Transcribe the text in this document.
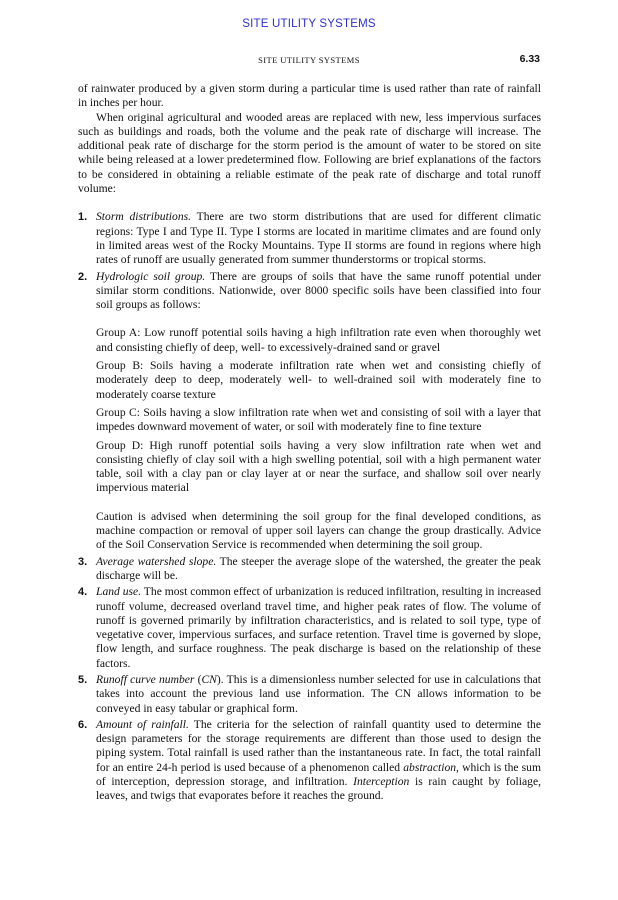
SITE UTILITY SYSTEMS
SITE UTILITY SYSTEMS	6.33

of rainwater produced by a given storm during a particular time is used rather than rate of rainfall in inches per hour.

When original agricultural and wooded areas are replaced with new, less impervious surfaces such as buildings and roads, both the volume and the peak rate of discharge will increase. The additional peak rate of discharge for the storm period is the amount of water to be stored on site while being released at a lower predetermined flow. Following are brief explanations of the factors to be considered in obtaining a reliable estimate of the peak rate of discharge and total runoff volume:

1. Storm distributions. There are two storm distributions that are used for different climatic regions: Type I and Type II. Type I storms are located in maritime climates and are found only in limited areas west of the Rocky Mountains. Type II storms are found in regions where high rates of runoff are usually generated from summer thunderstorms or tropical storms.
2. Hydrologic soil group. There are groups of soils that have the same runoff potential under similar storm conditions. Nationwide, over 8000 specific soils have been classified into four soil groups as follows:

Group A: Low runoff potential soils having a high infiltration rate even when thoroughly wet and consisting chiefly of deep, well- to excessively-drained sand or gravel

Group B: Soils having a moderate infiltration rate when wet and consisting chiefly of moderately deep to deep, moderately well- to well-drained soil with moderately fine to moderately coarse texture

Group C: Soils having a slow infiltration rate when wet and consisting of soil with a layer that impedes downward movement of water, or soil with moderately fine to fine texture

Group D: High runoff potential soils having a very slow infiltration rate when wet and consisting chiefly of clay soil with a high swelling potential, soil with a high permanent water table, soil with a clay pan or clay layer at or near the surface, and shallow soil over nearly impervious material

Caution is advised when determining the soil group for the final developed conditions, as machine compaction or removal of upper soil layers can change the group drastically. Advice of the Soil Conservation Service is recommended when determining the soil group.

3. Average watershed slope. The steeper the average slope of the watershed, the greater the peak discharge will be.
4. Land use. The most common effect of urbanization is reduced infiltration, resulting in increased runoff volume, decreased overland travel time, and higher peak rates of flow. The volume of runoff is governed primarily by infiltration characteristics, and is related to soil type, type of vegetative cover, impervious surfaces, and surface retention. Travel time is governed by slope, flow length, and surface roughness. The peak discharge is based on the relationship of these factors.
5. Runoff curve number (CN). This is a dimensionless number selected for use in calculations that takes into account the previous land use information. The CN allows information to be conveyed in easy tabular or graphical form.
6. Amount of rainfall. The criteria for the selection of rainfall quantity used to determine the design parameters for the storage requirements are different than those used to design the piping system. Total rainfall is used rather than the instantaneous rate. In fact, the total rainfall for an entire 24-h period is used because of a phenomenon called abstraction, which is the sum of interception, depression storage, and infiltration. Interception is rain caught by foliage, leaves, and twigs that evaporates before it reaches the ground.
